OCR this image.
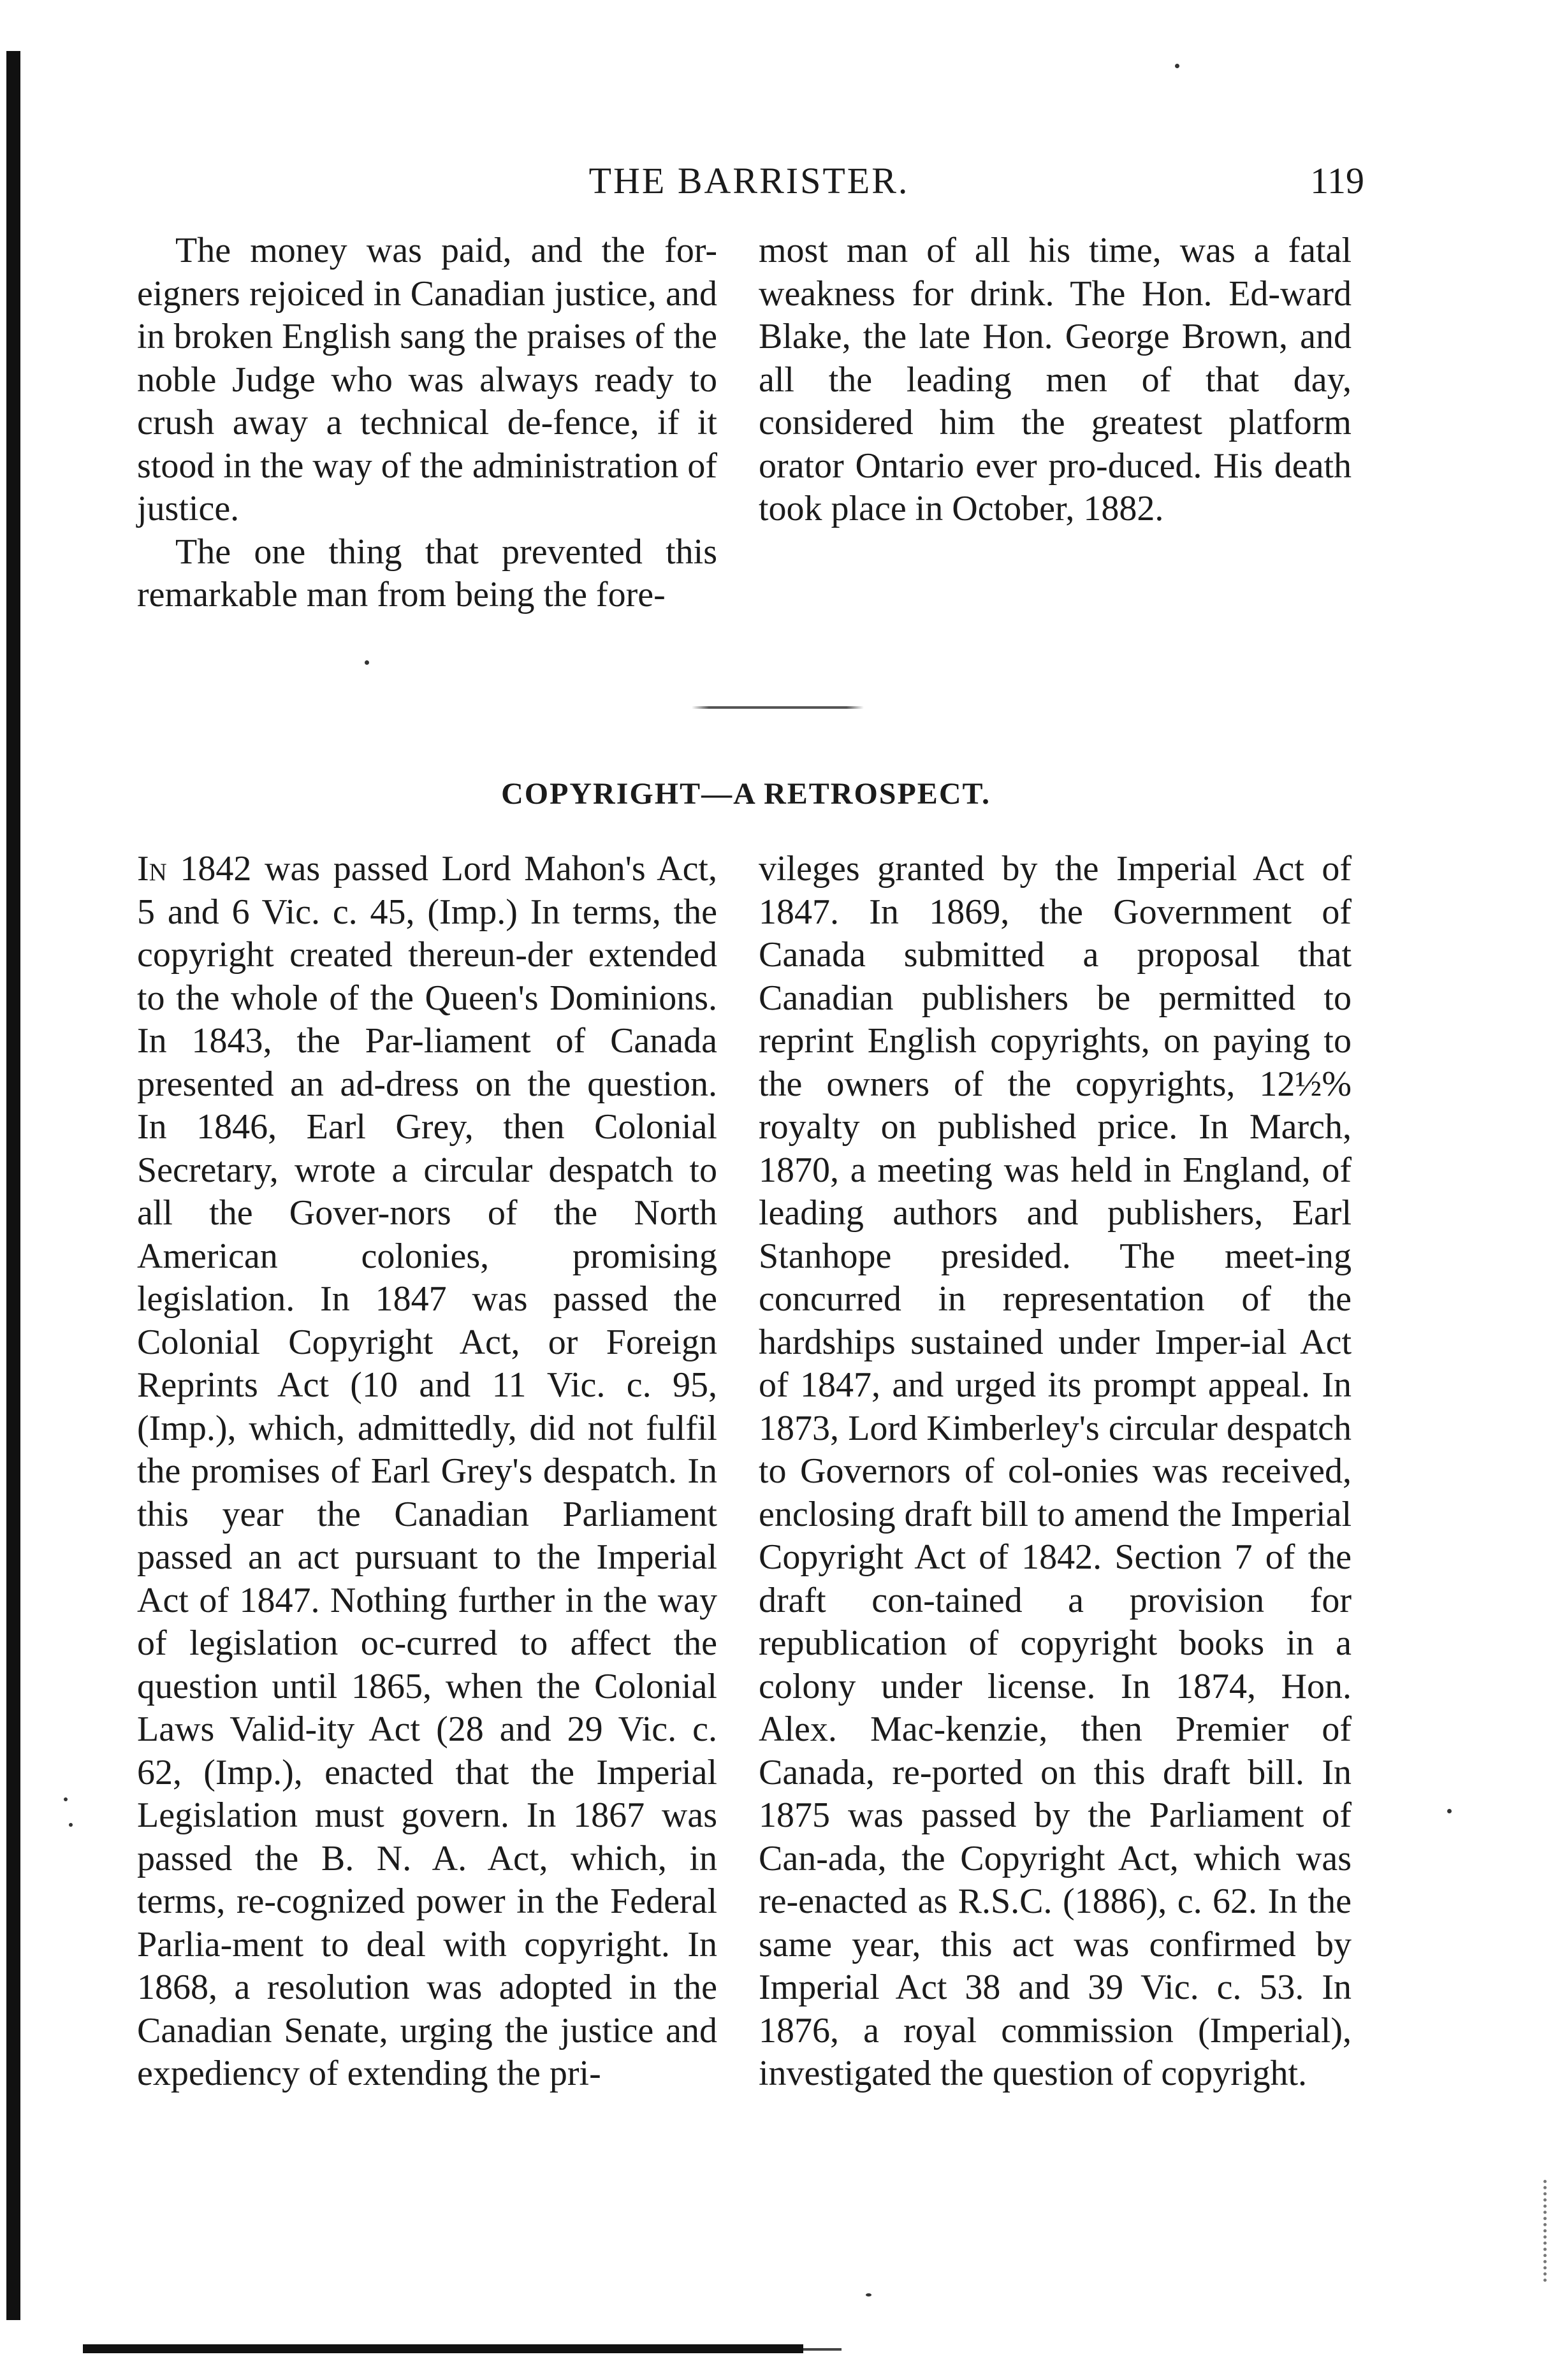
THE BARRISTER.	119

The money was paid, and the for-eigners rejoiced in Canadian justice, and in broken English sang the praises of the noble Judge who was always ready to crush away a technical de-fence, if it stood in the way of the administration of justice.

The one thing that prevented this remarkable man from being the fore-

most man of all his time, was a fatal weakness for drink. The Hon. Ed-ward Blake, the late Hon. George Brown, and all the leading men of that day, considered him the greatest platform orator Ontario ever pro-duced. His death took place in October, 1882.

COPYRIGHT—A RETROSPECT.

In 1842 was passed Lord Mahon's Act, 5 and 6 Vic. c. 45, (Imp.) In terms, the copyright created thereun-der extended to the whole of the Queen's Dominions. In 1843, the Par-liament of Canada presented an ad-dress on the question. In 1846, Earl Grey, then Colonial Secretary, wrote a circular despatch to all the Gover-nors of the North American colonies, promising legislation. In 1847 was passed the Colonial Copyright Act, or Foreign Reprints Act (10 and 11 Vic. c. 95, (Imp.), which, admittedly, did not fulfil the promises of Earl Grey's despatch. In this year the Canadian Parliament passed an act pursuant to the Imperial Act of 1847. Nothing further in the way of legislation oc-curred to affect the question until 1865, when the Colonial Laws Valid-ity Act (28 and 29 Vic. c. 62, (Imp.), enacted that the Imperial Legislation must govern. In 1867 was passed the B. N. A. Act, which, in terms, re-cognized power in the Federal Parlia-ment to deal with copyright. In 1868, a resolution was adopted in the Canadian Senate, urging the justice and expediency of extending the pri-

vileges granted by the Imperial Act of 1847. In 1869, the Government of Canada submitted a proposal that Canadian publishers be permitted to reprint English copyrights, on paying to the owners of the copyrights, 12½% royalty on published price. In March, 1870, a meeting was held in England, of leading authors and publishers, Earl Stanhope presided. The meet-ing concurred in representation of the hardships sustained under Imper-ial Act of 1847, and urged its prompt appeal. In 1873, Lord Kimberley's circular despatch to Governors of col-onies was received, enclosing draft bill to amend the Imperial Copyright Act of 1842. Section 7 of the draft con-tained a provision for republication of copyright books in a colony under license. In 1874, Hon. Alex. Mac-kenzie, then Premier of Canada, re-ported on this draft bill. In 1875 was passed by the Parliament of Can-ada, the Copyright Act, which was re-enacted as R.S.C. (1886), c. 62. In the same year, this act was confirmed by Imperial Act 38 and 39 Vic. c. 53. In 1876, a royal commission (Imperial), investigated the question of copyright.
